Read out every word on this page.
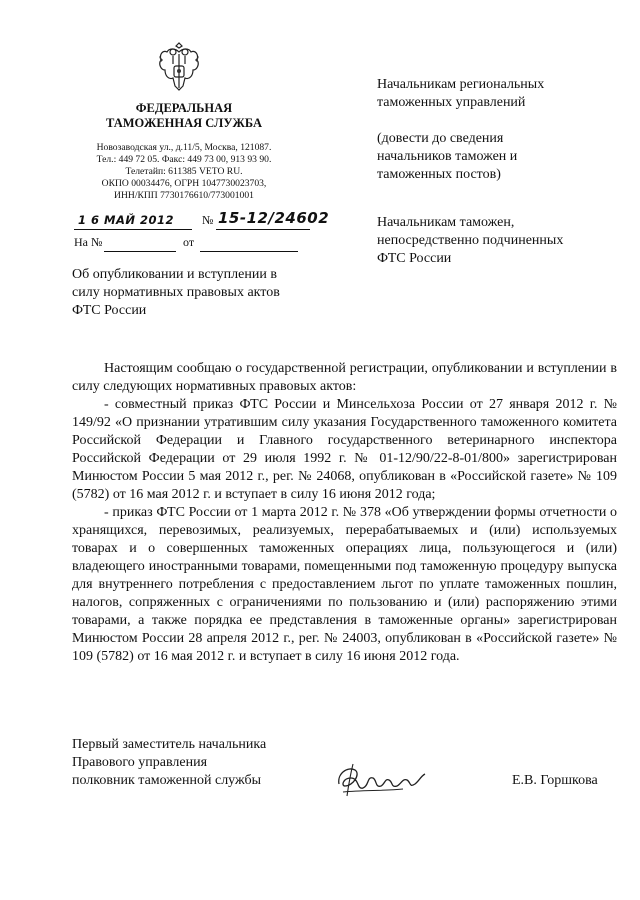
ФЕДЕРАЛЬНАЯ
ТАМОЖЕННАЯ СЛУЖБА
Новозаводская ул., д.11/5, Москва, 121087.
Тел.: 449 72 05. Факс: 449 73 00, 913 93 90.
Телетайп: 611385 VETO RU.
ОКПО 00034476, ОГРН 1047730023703,
ИНН/КПП 7730176610/773001001
1 6 МАЙ 2012 № 15-12/24602
На №	от
Об опубликовании и вступлении в
силу нормативных правовых актов
ФТС России
Начальникам региональных
таможенных управлений
(довести до сведения
начальников таможен и
таможенных постов)
Начальникам таможен,
непосредственно подчиненных
ФТС России

Настоящим сообщаю о государственной регистрации, опубликовании и вступлении в силу следующих нормативных правовых актов:

- совместный приказ ФТС России и Минсельхоза России от 27 января 2012 г. № 149/92 «О признании утратившим силу указания Государственного таможенного комитета Российской Федерации и Главного государственного ветеринарного инспектора Российской Федерации от 29 июля 1992 г. № 01-12/90/22-8-01/800» зарегистрирован Минюстом России 5 мая 2012 г., рег. № 24068, опубликован в «Российской газете» № 109 (5782) от 16 мая 2012 г. и вступает в силу 16 июня 2012 года;

- приказ ФТС России от 1 марта 2012 г. № 378 «Об утверждении формы отчетности о хранящихся, перевозимых, реализуемых, перерабатываемых и (или) используемых товарах и о совершенных таможенных операциях лица, пользующегося и (или) владеющего иностранными товарами, помещенными под таможенную процедуру выпуска для внутреннего потребления с предоставлением льгот по уплате таможенных пошлин, налогов, сопряженных с ограничениями по пользованию и (или) распоряжению этими товарами, а также порядка ее представления в таможенные органы» зарегистрирован Минюстом России 28 апреля 2012 г., рег. № 24003, опубликован в «Российской газете» № 109 (5782) от 16 мая 2012 г. и вступает в силу 16 июня 2012 года.

Первый заместитель начальника
Правового управления
полковник таможенной службы	Е.В. Горшкова
